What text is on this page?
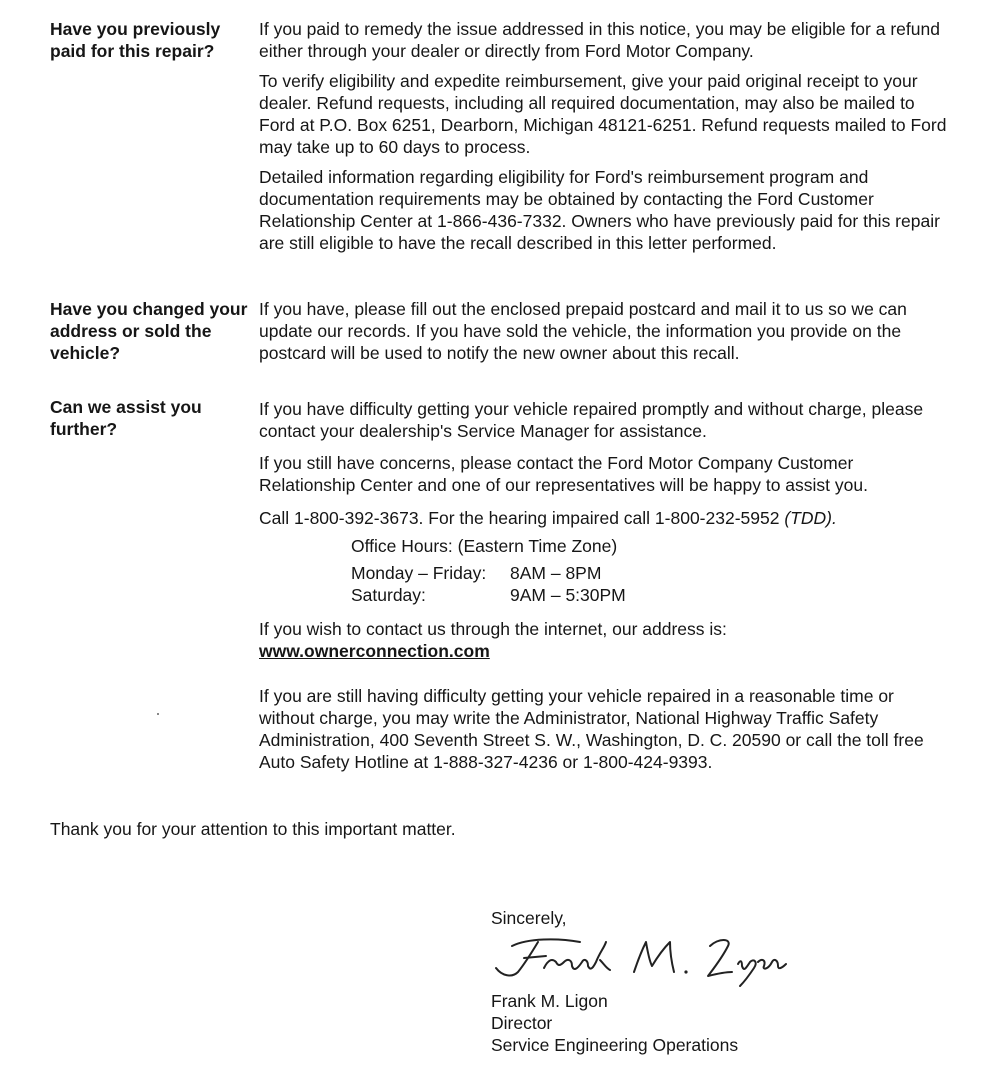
Have you previously paid for this repair?

If you paid to remedy the issue addressed in this notice, you may be eligible for a refund either through your dealer or directly from Ford Motor Company.

To verify eligibility and expedite reimbursement, give your paid original receipt to your dealer. Refund requests, including all required documentation, may also be mailed to Ford at P.O. Box 6251, Dearborn, Michigan 48121-6251. Refund requests mailed to Ford may take up to 60 days to process.

Detailed information regarding eligibility for Ford's reimbursement program and documentation requirements may be obtained by contacting the Ford Customer Relationship Center at 1-866-436-7332. Owners who have previously paid for this repair are still eligible to have the recall described in this letter performed.

Have you changed your address or sold the vehicle?

If you have, please fill out the enclosed prepaid postcard and mail it to us so we can update our records. If you have sold the vehicle, the information you provide on the postcard will be used to notify the new owner about this recall.

Can we assist you further?

If you have difficulty getting your vehicle repaired promptly and without charge, please contact your dealership's Service Manager for assistance.

If you still have concerns, please contact the Ford Motor Company Customer Relationship Center and one of our representatives will be happy to assist you.

Call 1-800-392-3673. For the hearing impaired call 1-800-232-5952 (TDD).

Office Hours: (Eastern Time Zone)
Monday – Friday: 8AM – 8PM
Saturday:	9AM – 5:30PM

If you wish to contact us through the internet, our address is:

www.ownerconnection.com

If you are still having difficulty getting your vehicle repaired in a reasonable time or without charge, you may write the Administrator, National Highway Traffic Safety Administration, 400 Seventh Street S. W., Washington, D. C. 20590 or call the toll free Auto Safety Hotline at 1-888-327-4236 or 1-800-424-9393.

Thank you for your attention to this important matter.
Sincerely,
Frank M. Ligon
Director
Service Engineering Operations
